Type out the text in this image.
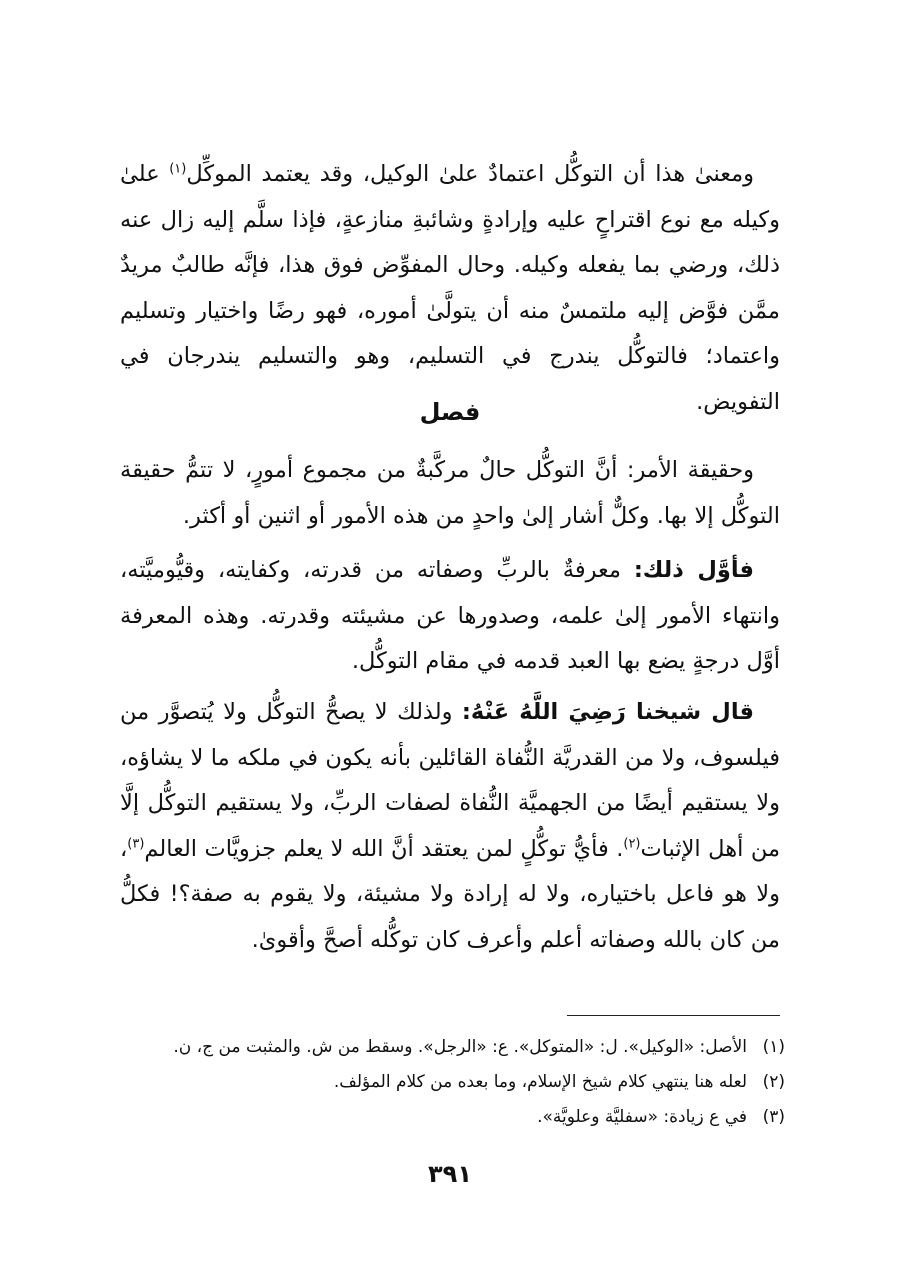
ومعنىٰ هذا أن التوكُّل اعتمادٌ علىٰ الوكيل، وقد يعتمد الموكِّل$^{(١)}$ علىٰ وكيله مع نوع اقتراحٍ عليه وإرادةٍ وشائبةِ منازعةٍ، فإذا سلَّم إليه زال عنه ذلك، ورضي بما يفعله وكيله. وحال المفوِّض فوق هذا، فإنَّه طالبٌ مريدٌ ممَّن فوَّض إليه ملتمسٌ منه أن يتولَّىٰ أموره، فهو رضًا واختيار وتسليم واعتماد؛ فالتوكُّل يندرج في التسليم، وهو والتسليم يندرجان في التفويض.

فصل

وحقيقة الأمر: أنَّ التوكُّل حالٌ مركَّبةٌ من مجموع أمورٍ، لا تتمُّ حقيقة التوكُّل إلا بها. وكلٌّ أشار إلىٰ واحدٍ من هذه الأمور أو اثنين أو أكثر.

فأوَّل ذلك: معرفةٌ بالربِّ وصفاته من قدرته، وكفايته، وقيُّوميَّته، وانتهاء الأمور إلىٰ علمه، وصدورها عن مشيئته وقدرته. وهذه المعرفة أوَّل درجةٍ يضع بها العبد قدمه في مقام التوكُّل.

قال شيخنا رَضِيَ اللَّهُ عَنْهُ: ولذلك لا يصحُّ التوكُّل ولا يُتصوَّر من فيلسوف، ولا من القدريَّة النُّفاة القائلين بأنه يكون في ملكه ما لا يشاؤه، ولا يستقيم أيضًا من الجهميَّة النُّفاة لصفات الربِّ، ولا يستقيم التوكُّل إلَّا من أهل الإثبات$^{(٢)}$. فأيُّ توكُّلٍ لمن يعتقد أنَّ الله لا يعلم جزويَّات العالم$^{(٣)}$، ولا هو فاعل باختياره، ولا له إرادة ولا مشيئة، ولا يقوم به صفة؟! فكلُّ من كان بالله وصفاته أعلم وأعرف كان توكُّله أصحَّ وأقوىٰ.

(١)الأصل: «الوكيل». ل: «المتوكل». ع: «الرجل». وسقط من ش. والمثبت من ج، ن.
(٢)لعله هنا ينتهي كلام شيخ الإسلام، وما بعده من كلام المؤلف.
(٣)في ع زيادة: «سفليَّة وعلويَّة».
٣٩١
